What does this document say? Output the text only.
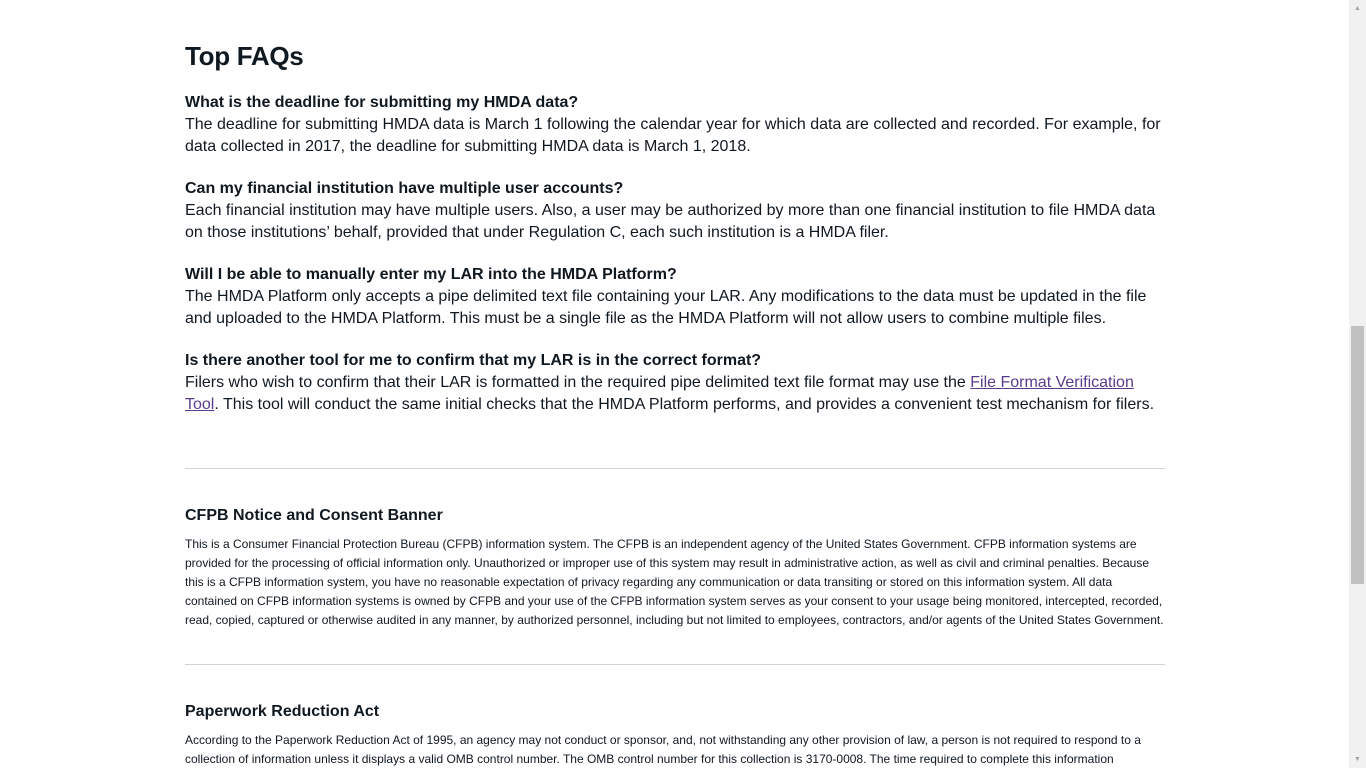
Top FAQs

What is the deadline for submitting my HMDA data?

The deadline for submitting HMDA data is March 1 following the calendar year for which data are collected and recorded. For example, for data collected in 2017, the deadline for submitting HMDA data is March 1, 2018.

Can my financial institution have multiple user accounts?

Each financial institution may have multiple users. Also, a user may be authorized by more than one financial institution to file HMDA data on those institutions’ behalf, provided that under Regulation C, each such institution is a HMDA filer.

Will I be able to manually enter my LAR into the HMDA Platform?

The HMDA Platform only accepts a pipe delimited text file containing your LAR. Any modifications to the data must be updated in the file and uploaded to the HMDA Platform. This must be a single file as the HMDA Platform will not allow users to combine multiple files.

Is there another tool for me to confirm that my LAR is in the correct format?

Filers who wish to confirm that their LAR is formatted in the required pipe delimited text file format may use the File Format Verification Tool. This tool will conduct the same initial checks that the HMDA Platform performs, and provides a convenient test mechanism for filers.

CFPB Notice and Consent Banner

This is a Consumer Financial Protection Bureau (CFPB) information system. The CFPB is an independent agency of the United States Government. CFPB information systems are provided for the processing of official information only. Unauthorized or improper use of this system may result in administrative action, as well as civil and criminal penalties. Because this is a CFPB information system, you have no reasonable expectation of privacy regarding any communication or data transiting or stored on this information system. All data contained on CFPB information systems is owned by CFPB and your use of the CFPB information system serves as your consent to your usage being monitored, intercepted, recorded, read, copied, captured or otherwise audited in any manner, by authorized personnel, including but not limited to employees, contractors, and/or agents of the United States Government.

Paperwork Reduction Act

According to the Paperwork Reduction Act of 1995, an agency may not conduct or sponsor, and, not withstanding any other provision of law, a person is not required to respond to a collection of information unless it displays a valid OMB control number. The OMB control number for this collection is 3170-0008. The time required to complete this information

▲
▼
